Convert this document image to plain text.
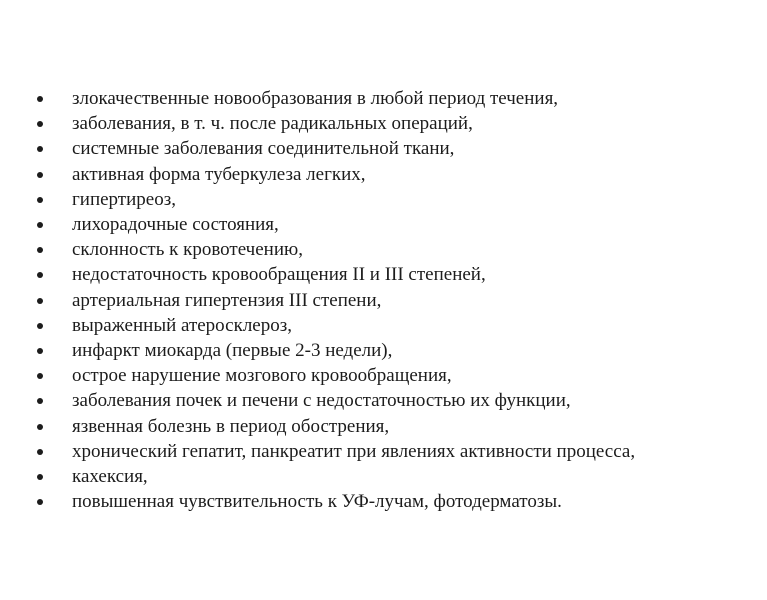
злокачественные новообразования в любой период течения,
заболевания, в т. ч. после радикальных операций,
системные заболевания соединительной ткани,
активная форма туберкулеза легких,
гипертиреоз,
лихорадочные состояния,
склонность к кровотечению,
недостаточность кровообращения II и III степеней,
артериальная гипертензия III степени,
выраженный атеросклероз,
инфаркт миокарда (первые 2-3 недели),
острое нарушение мозгового кровообращения,
заболевания почек и печени с недостаточностью их функции,
язвенная болезнь в период обострения,
хронический гепатит, панкреатит при явлениях активности процесса,
кахексия,
повышенная чувствительность к УФ-лучам, фотодерматозы.
